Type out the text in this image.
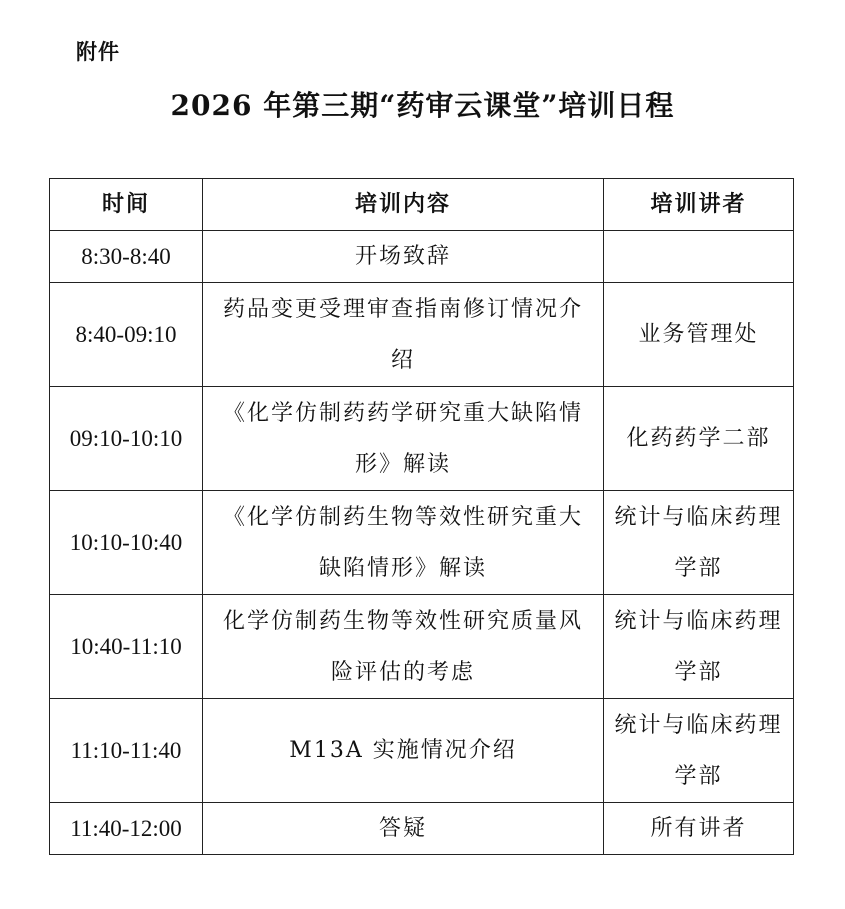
附件
2026 年第三期“药审云课堂”培训日程
时间	培训内容	培训讲者
8:30-8:40	开场致辞	
8:40-09:10	药品变更受理审查指南修订情况介绍	业务管理处
09:10-10:10	《化学仿制药药学研究重大缺陷情形》解读	化药药学二部
10:10-10:40	《化学仿制药生物等效性研究重大缺陷情形》解读	统计与临床药理学部
10:40-11:10	化学仿制药生物等效性研究质量风险评估的考虑	统计与临床药理学部
11:10-11:40	M13A 实施情况介绍	统计与临床药理学部
11:40-12:00	答疑	所有讲者
